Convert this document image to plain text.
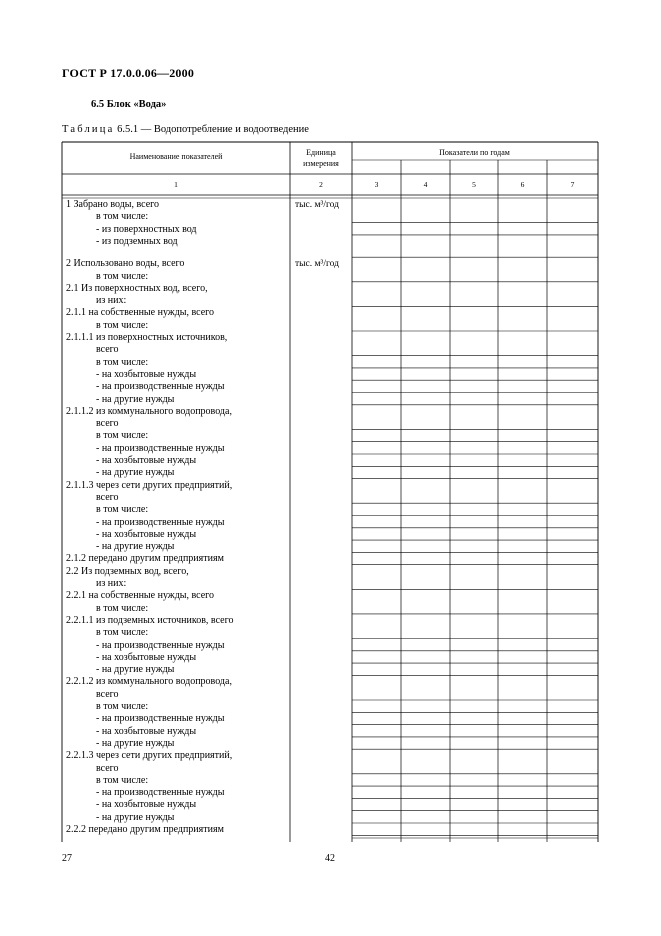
ГОСТ Р 17.0.0.06—2000
6.5 Блок «Вода»
Таблица 6.5.1 — Водопотребление и водоотведение
Наименование показателей	Единица
измерения
Показатели по годам
1	2	3	4	5	6	7
1 Забрано воды, всего	тыс. м³/год
в том числе:
- из поверхностных вод
- из подземных вод
2 Использовано воды, всего	тыс. м³/год
в том числе:
2.1 Из поверхностных вод, всего,
из них:
2.1.1 на собственные нужды, всего
в том числе:
2.1.1.1 из поверхностных источников,
всего
в том числе:
- на хозбытовые нужды
- на производственные нужды
- на другие нужды
2.1.1.2 из коммунального водопровода,
всего
в том числе:
- на производственные нужды
- на хозбытовые нужды
- на другие нужды
2.1.1.3 через сети других предприятий,
всего
в том числе:
- на производственные нужды
- на хозбытовые нужды
- на другие нужды
2.1.2 передано другим предприятиям
2.2 Из подземных вод, всего,
из них:
2.2.1 на собственные нужды, всего
в том числе:
2.2.1.1 из подземных источников, всего
в том числе:
- на производственные нужды
- на хозбытовые нужды
- на другие нужды
2.2.1.2 из коммунального водопровода,
всего
в том числе:
- на производственные нужды
- на хозбытовые нужды
- на другие нужды
2.2.1.3 через сети других предприятий,
всего
в том числе:
- на производственные нужды
- на хозбытовые нужды
- на другие нужды
2.2.2 передано другим предприятиям
27	42
